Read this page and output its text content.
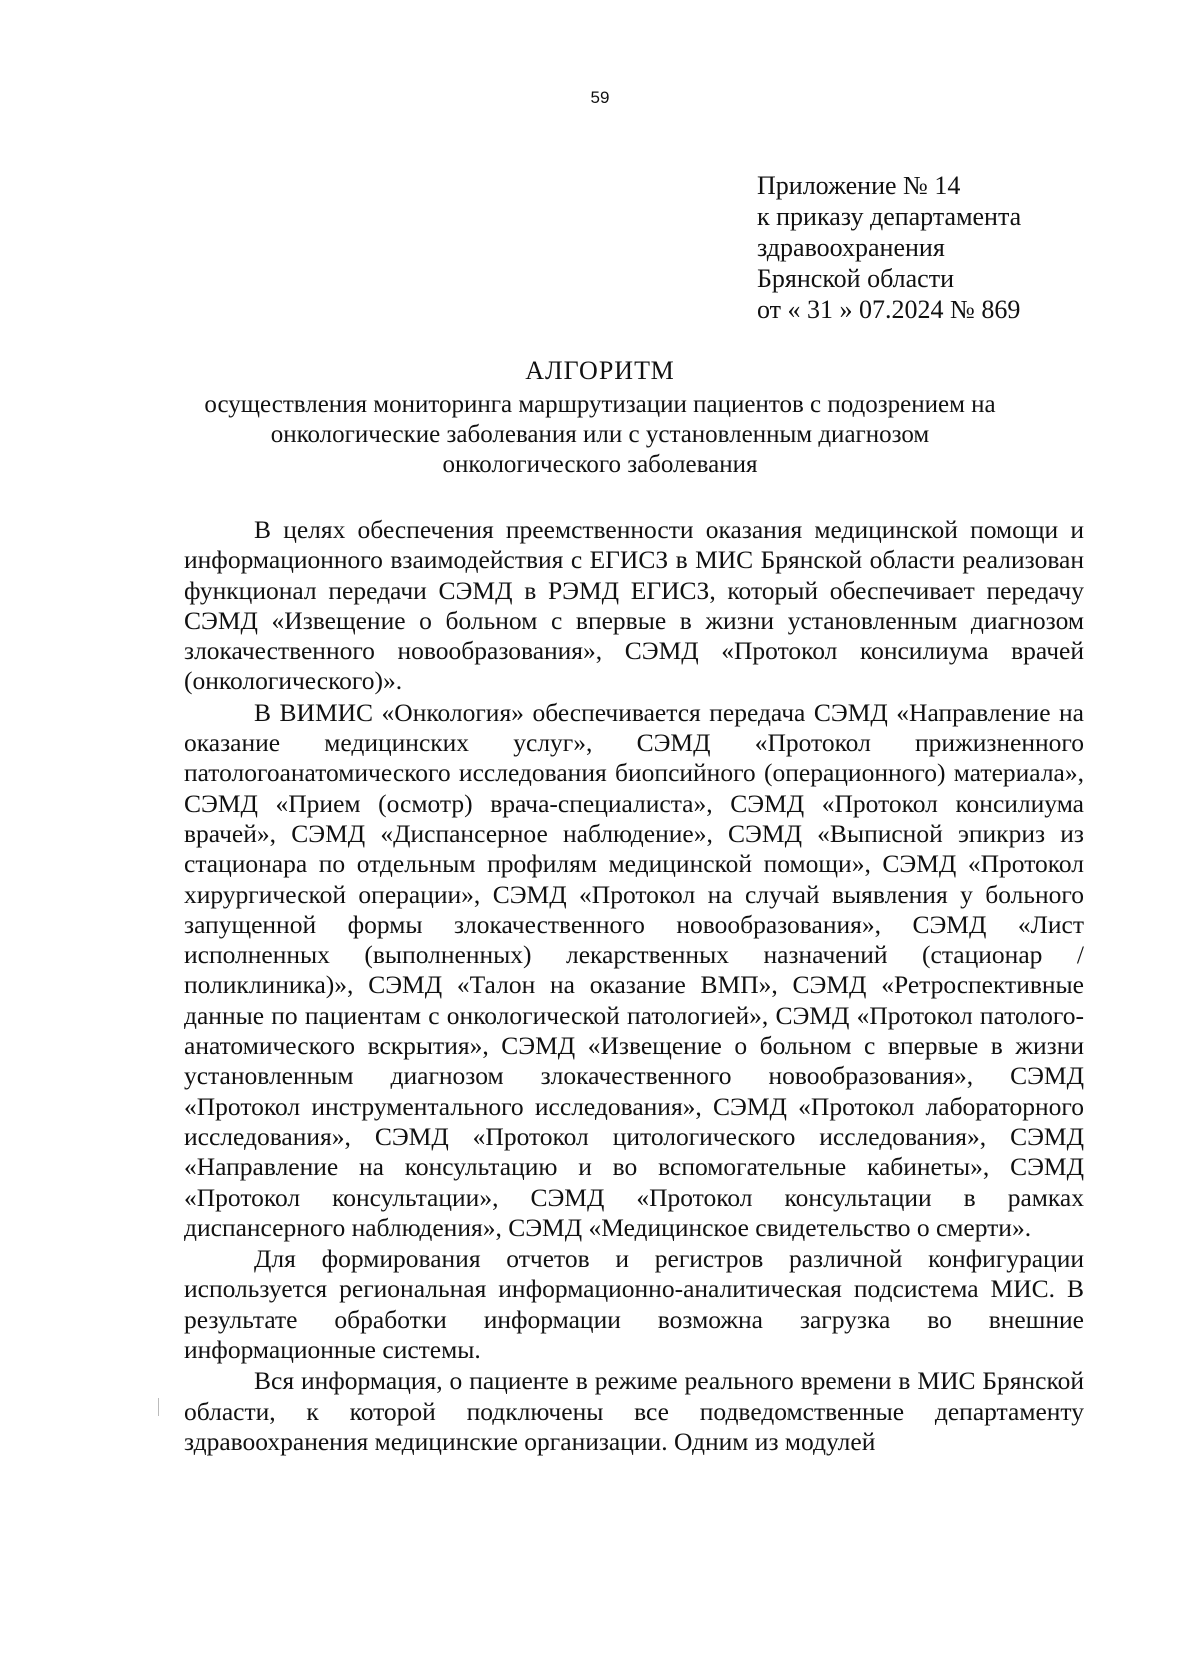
59
Приложение № 14
к приказу департамента
здравоохранения
Брянской области
от « 31 » 07.2024 № 869
АЛГОРИТМ
осуществления мониторинга маршрутизации пациентов с подозрением на
онкологические заболевания или с установленным диагнозом
онкологического заболевания

В целях обеспечения преемственности оказания медицинской помощи и информационного взаимодействия с ЕГИСЗ в МИС Брянской области реализован функционал передачи СЭМД в РЭМД ЕГИСЗ, который обеспечивает передачу СЭМД «Извещение о больном с впервые в жизни установленным диагнозом злокачественного новообразования», СЭМД «Протокол консилиума врачей (онкологического)».

В ВИМИС «Онкология» обеспечивается передача СЭМД «Направление на оказание медицинских услуг», СЭМД «Протокол прижизненного патологоанатомического исследования биопсийного (операционного) материала», СЭМД «Прием (осмотр) врача-специалиста», СЭМД «Протокол консилиума врачей», СЭМД «Диспансерное наблюдение», СЭМД «Выписной эпикриз из стационара по отдельным профилям медицинской помощи», СЭМД «Протокол хирургической операции», СЭМД «Протокол на случай выявления у больного запущенной формы злокачественного новообразования», СЭМД «Лист исполненных (выполненных) лекарственных назначений (стационар / поликлиника)», СЭМД «Талон на оказание ВМП», СЭМД «Ретроспективные данные по пациентам с онкологической патологией», СЭМД «Протокол патолого-анатомического вскрытия», СЭМД «Извещение о больном с впервые в жизни установленным диагнозом злокачественного новообразования», СЭМД «Протокол инструментального исследования», СЭМД «Протокол лабораторного исследования», СЭМД «Протокол цитологического исследования», СЭМД «Направление на консультацию и во вспомогательные кабинеты», СЭМД «Протокол консультации», СЭМД «Протокол консультации в рамках диспансерного наблюдения», СЭМД «Медицинское свидетельство о смерти».

Для формирования отчетов и регистров различной конфигурации используется региональная информационно-аналитическая подсистема МИС. В результате обработки информации возможна загрузка во внешние информационные системы.

Вся информация, о пациенте в режиме реального времени в МИС Брянской области, к которой подключены все подведомственные департаменту здравоохранения медицинские организации. Одним из модулей
